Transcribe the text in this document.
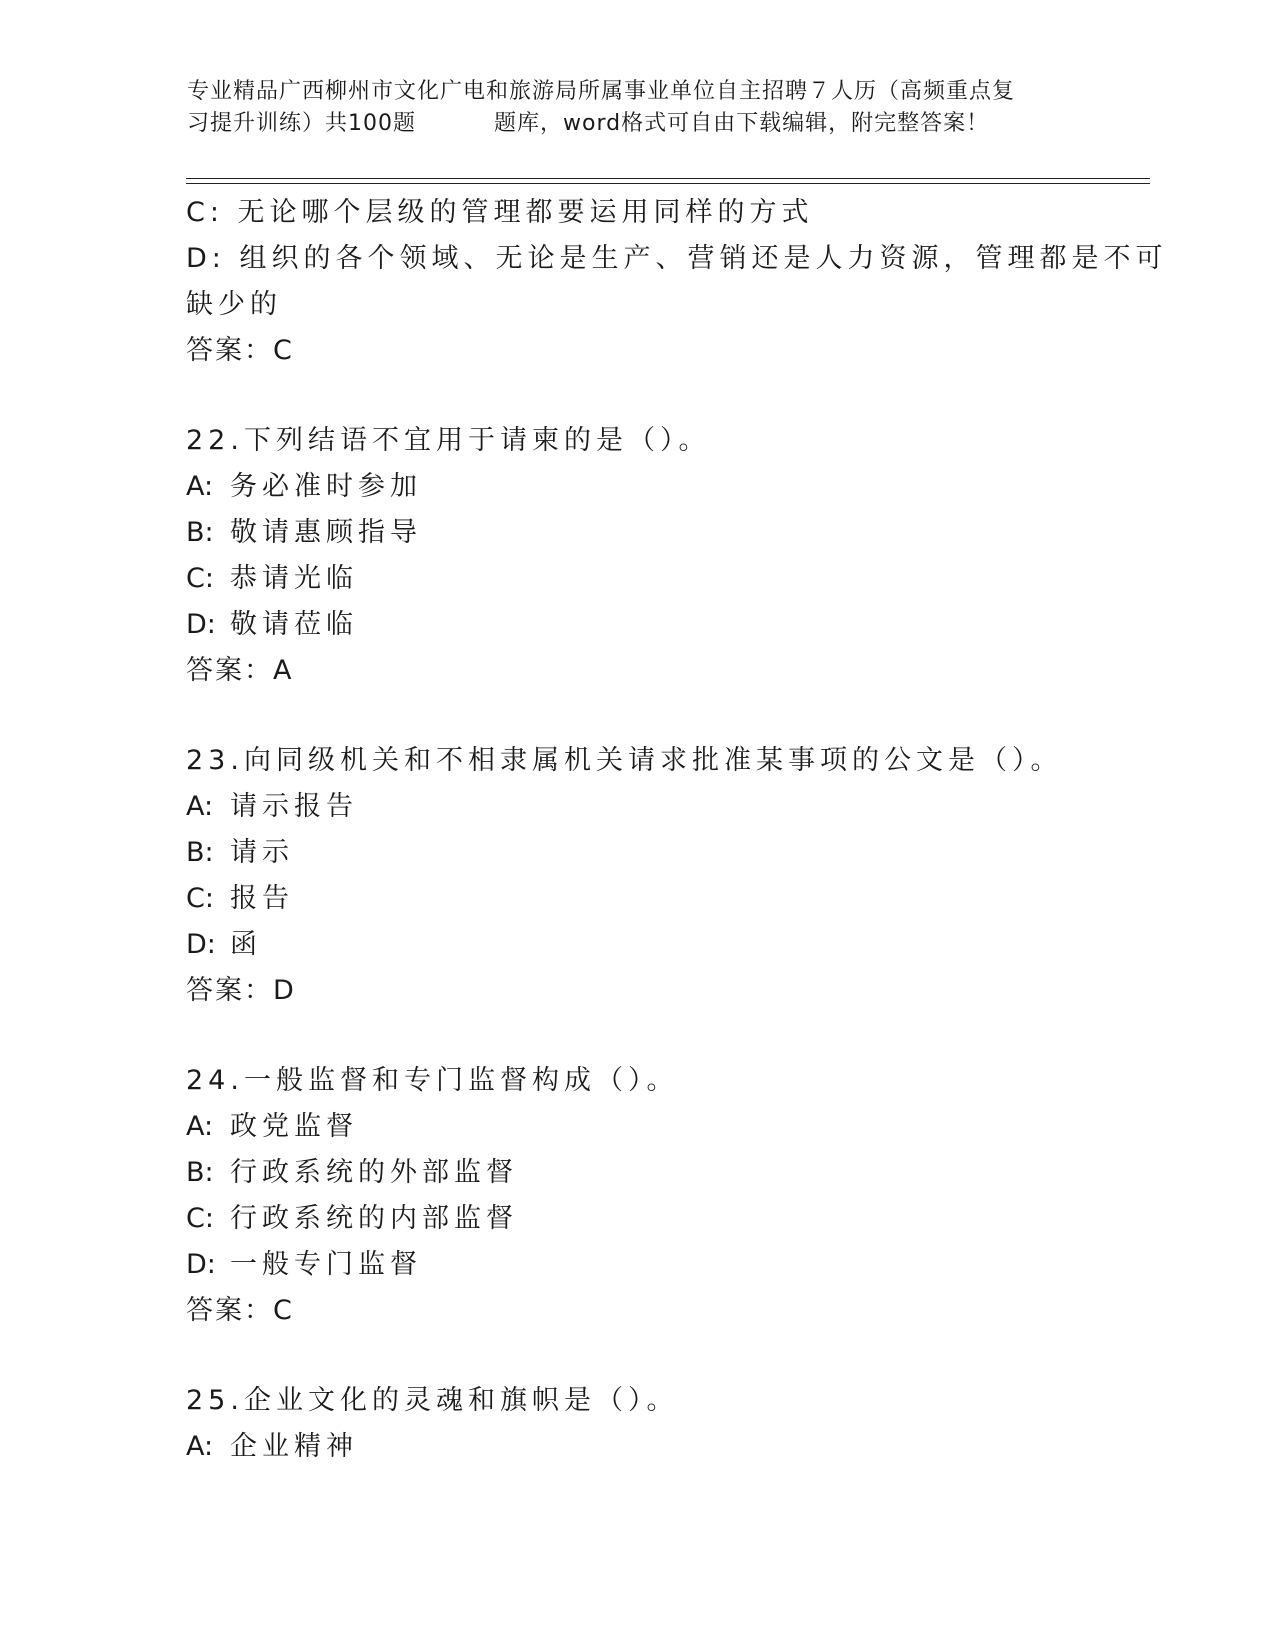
专业精品广西柳州市文化广电和旅游局所属事业单位自主招聘７人历（高频重点复
习提升训练）共100题	题库，word格式可自由下载编辑，附完整答案！
C: 无论哪个层级的管理都要运用同样的方式
D: 组织的各个领域、无论是生产、营销还是人力资源，管理都是不可
缺少的
答案：C
22.下列结语不宜用于请柬的是（）。
A: 务必准时参加
B: 敬请惠顾指导
C: 恭请光临
D: 敬请莅临
答案：A
23.向同级机关和不相隶属机关请求批准某事项的公文是（）。
A: 请示报告
B: 请示
C: 报告
D: 函
答案：D
24.一般监督和专门监督构成（）。
A: 政党监督
B: 行政系统的外部监督
C: 行政系统的内部监督
D: 一般专门监督
答案：C
25.企业文化的灵魂和旗帜是（）。
A: 企业精神
